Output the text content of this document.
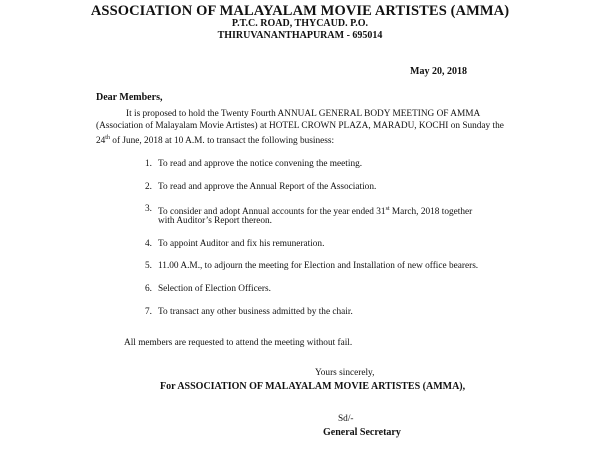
ASSOCIATION OF MALAYALAM MOVIE ARTISTES (AMMA)
P.T.C. ROAD, THYCAUD. P.O.
THIRUVANANTHAPURAM - 695014
May 20, 2018
Dear Members,
It is proposed to hold the Twenty Fourth ANNUAL GENERAL BODY MEETING OF AMMA (Association of Malayalam Movie Artistes) at HOTEL CROWN PLAZA, MARADU, KOCHI on Sunday the 24th of June, 2018 at 10 A.M. to transact the following business:
1. To read and approve the notice convening the meeting.
2. To read and approve the Annual Report of the Association.
3. To consider and adopt Annual accounts for the year ended 31st March, 2018 together
with Auditor’s Report thereon.
4. To appoint Auditor and fix his remuneration.
5. 11.00 A.M., to adjourn the meeting for Election and Installation of new office bearers.
6. Selection of Election Officers.
7. To transact any other business admitted by the chair.
All members are requested to attend the meeting without fail.
Yours sincerely,
For ASSOCIATION OF MALAYALAM MOVIE ARTISTES (AMMA),
Sd/-
General Secretary
